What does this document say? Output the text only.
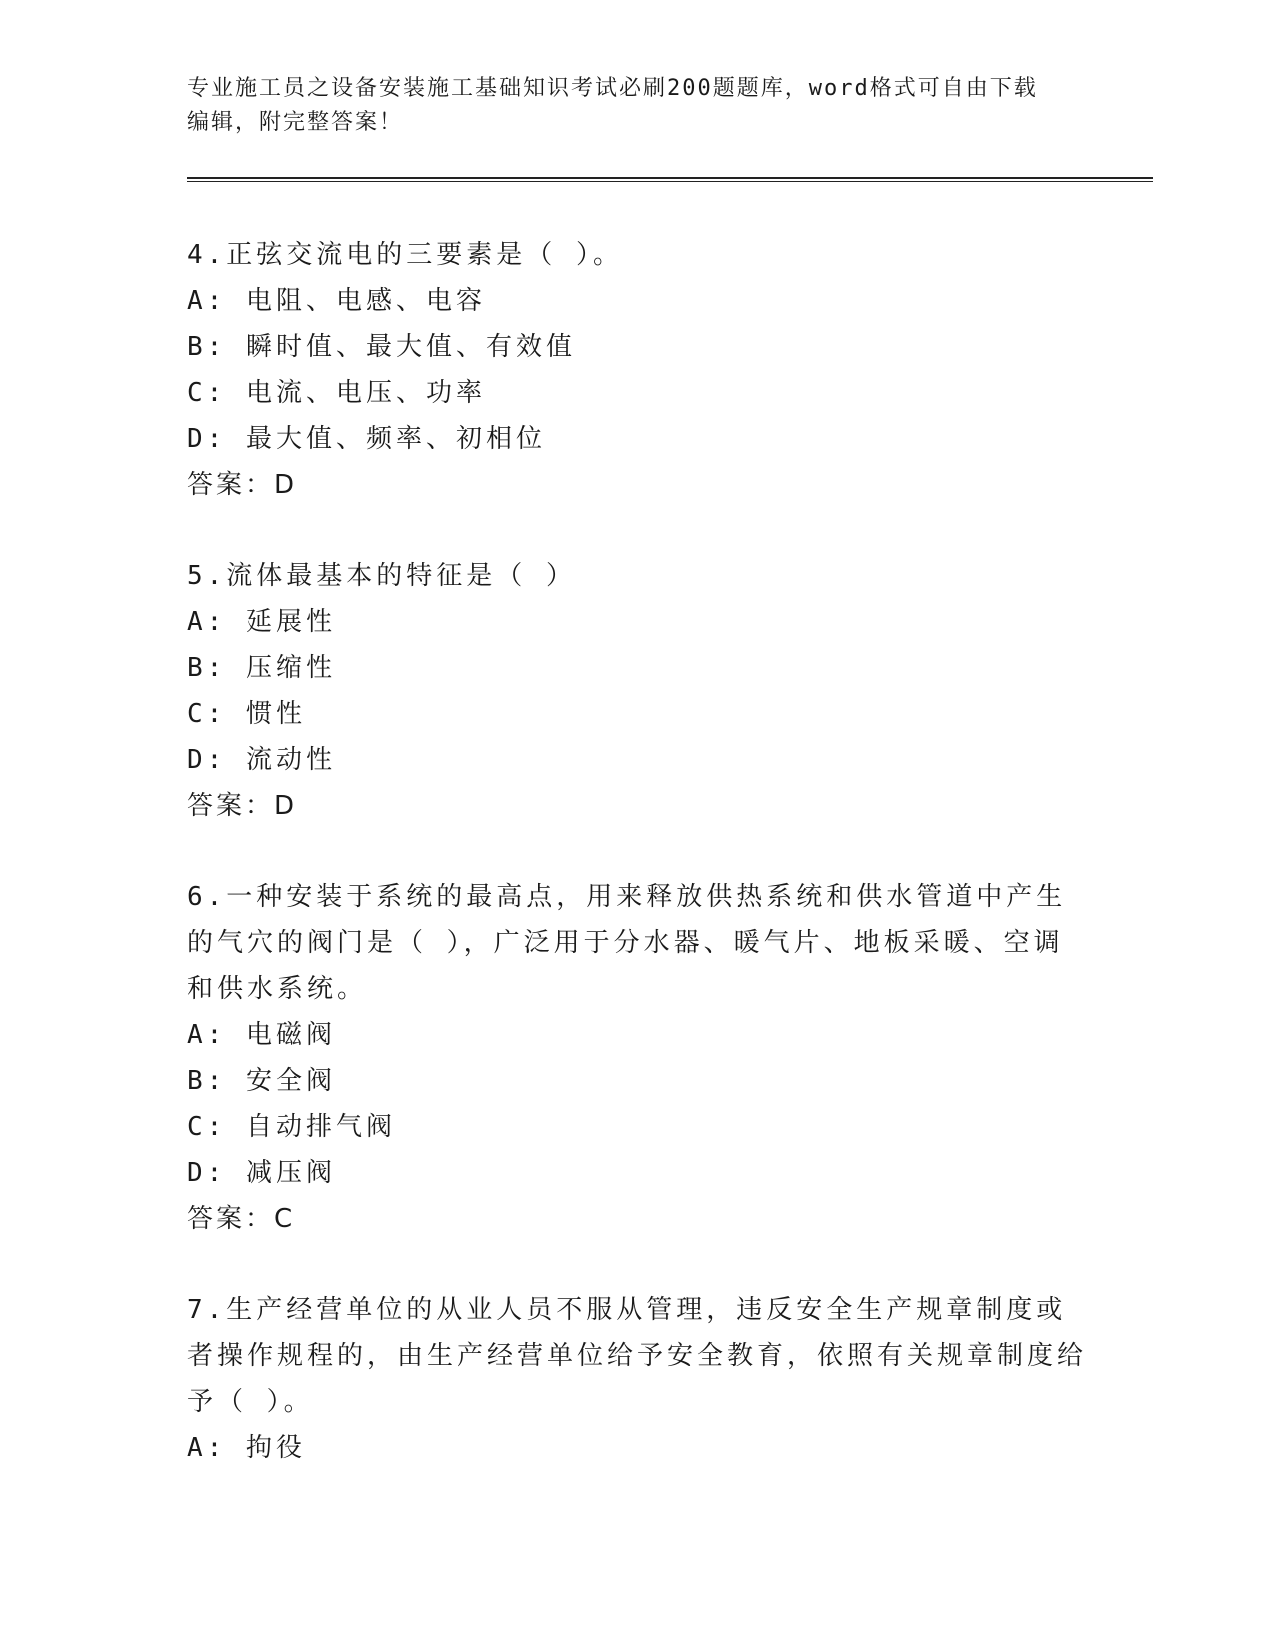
专业施工员之设备安装施工基础知识考试必刷200题题库，word格式可自由下载
编辑，附完整答案！
4.正弦交流电的三要素是（ ）。
A: 电阻、电感、电容
B: 瞬时值、最大值、有效值
C: 电流、电压、功率
D: 最大值、频率、初相位
答案：D
5.流体最基本的特征是（ ）
A: 延展性
B: 压缩性
C: 惯性
D: 流动性
答案：D
6.一种安装于系统的最高点，用来释放供热系统和供水管道中产生的气穴的阀门是（ ），广泛用于分水器、暖气片、地板采暖、空调和供水系统。
A: 电磁阀
B: 安全阀
C: 自动排气阀
D: 减压阀
答案：C
7.生产经营单位的从业人员不服从管理，违反安全生产规章制度或者操作规程的，由生产经营单位给予安全教育，依照有关规章制度给予（ ）。
A: 拘役
